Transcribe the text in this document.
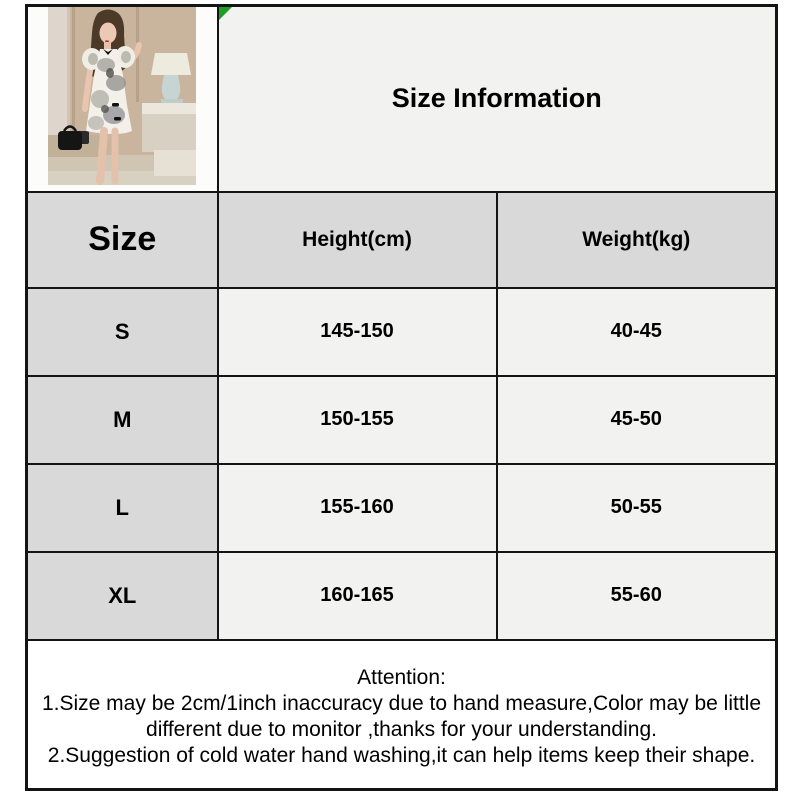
Size Information	
Size	Height(cm)	Weight(kg)
S	145-150	40-45
M	150-155	45-50
L	155-160	50-55
XL	160-165	55-60

Attention:

1.Size may be 2cm/1inch inaccuracy due to hand measure,Color may be little different due to monitor ,thanks for your understanding.

2.Suggestion of cold water hand washing,it can help items keep their shape.		
